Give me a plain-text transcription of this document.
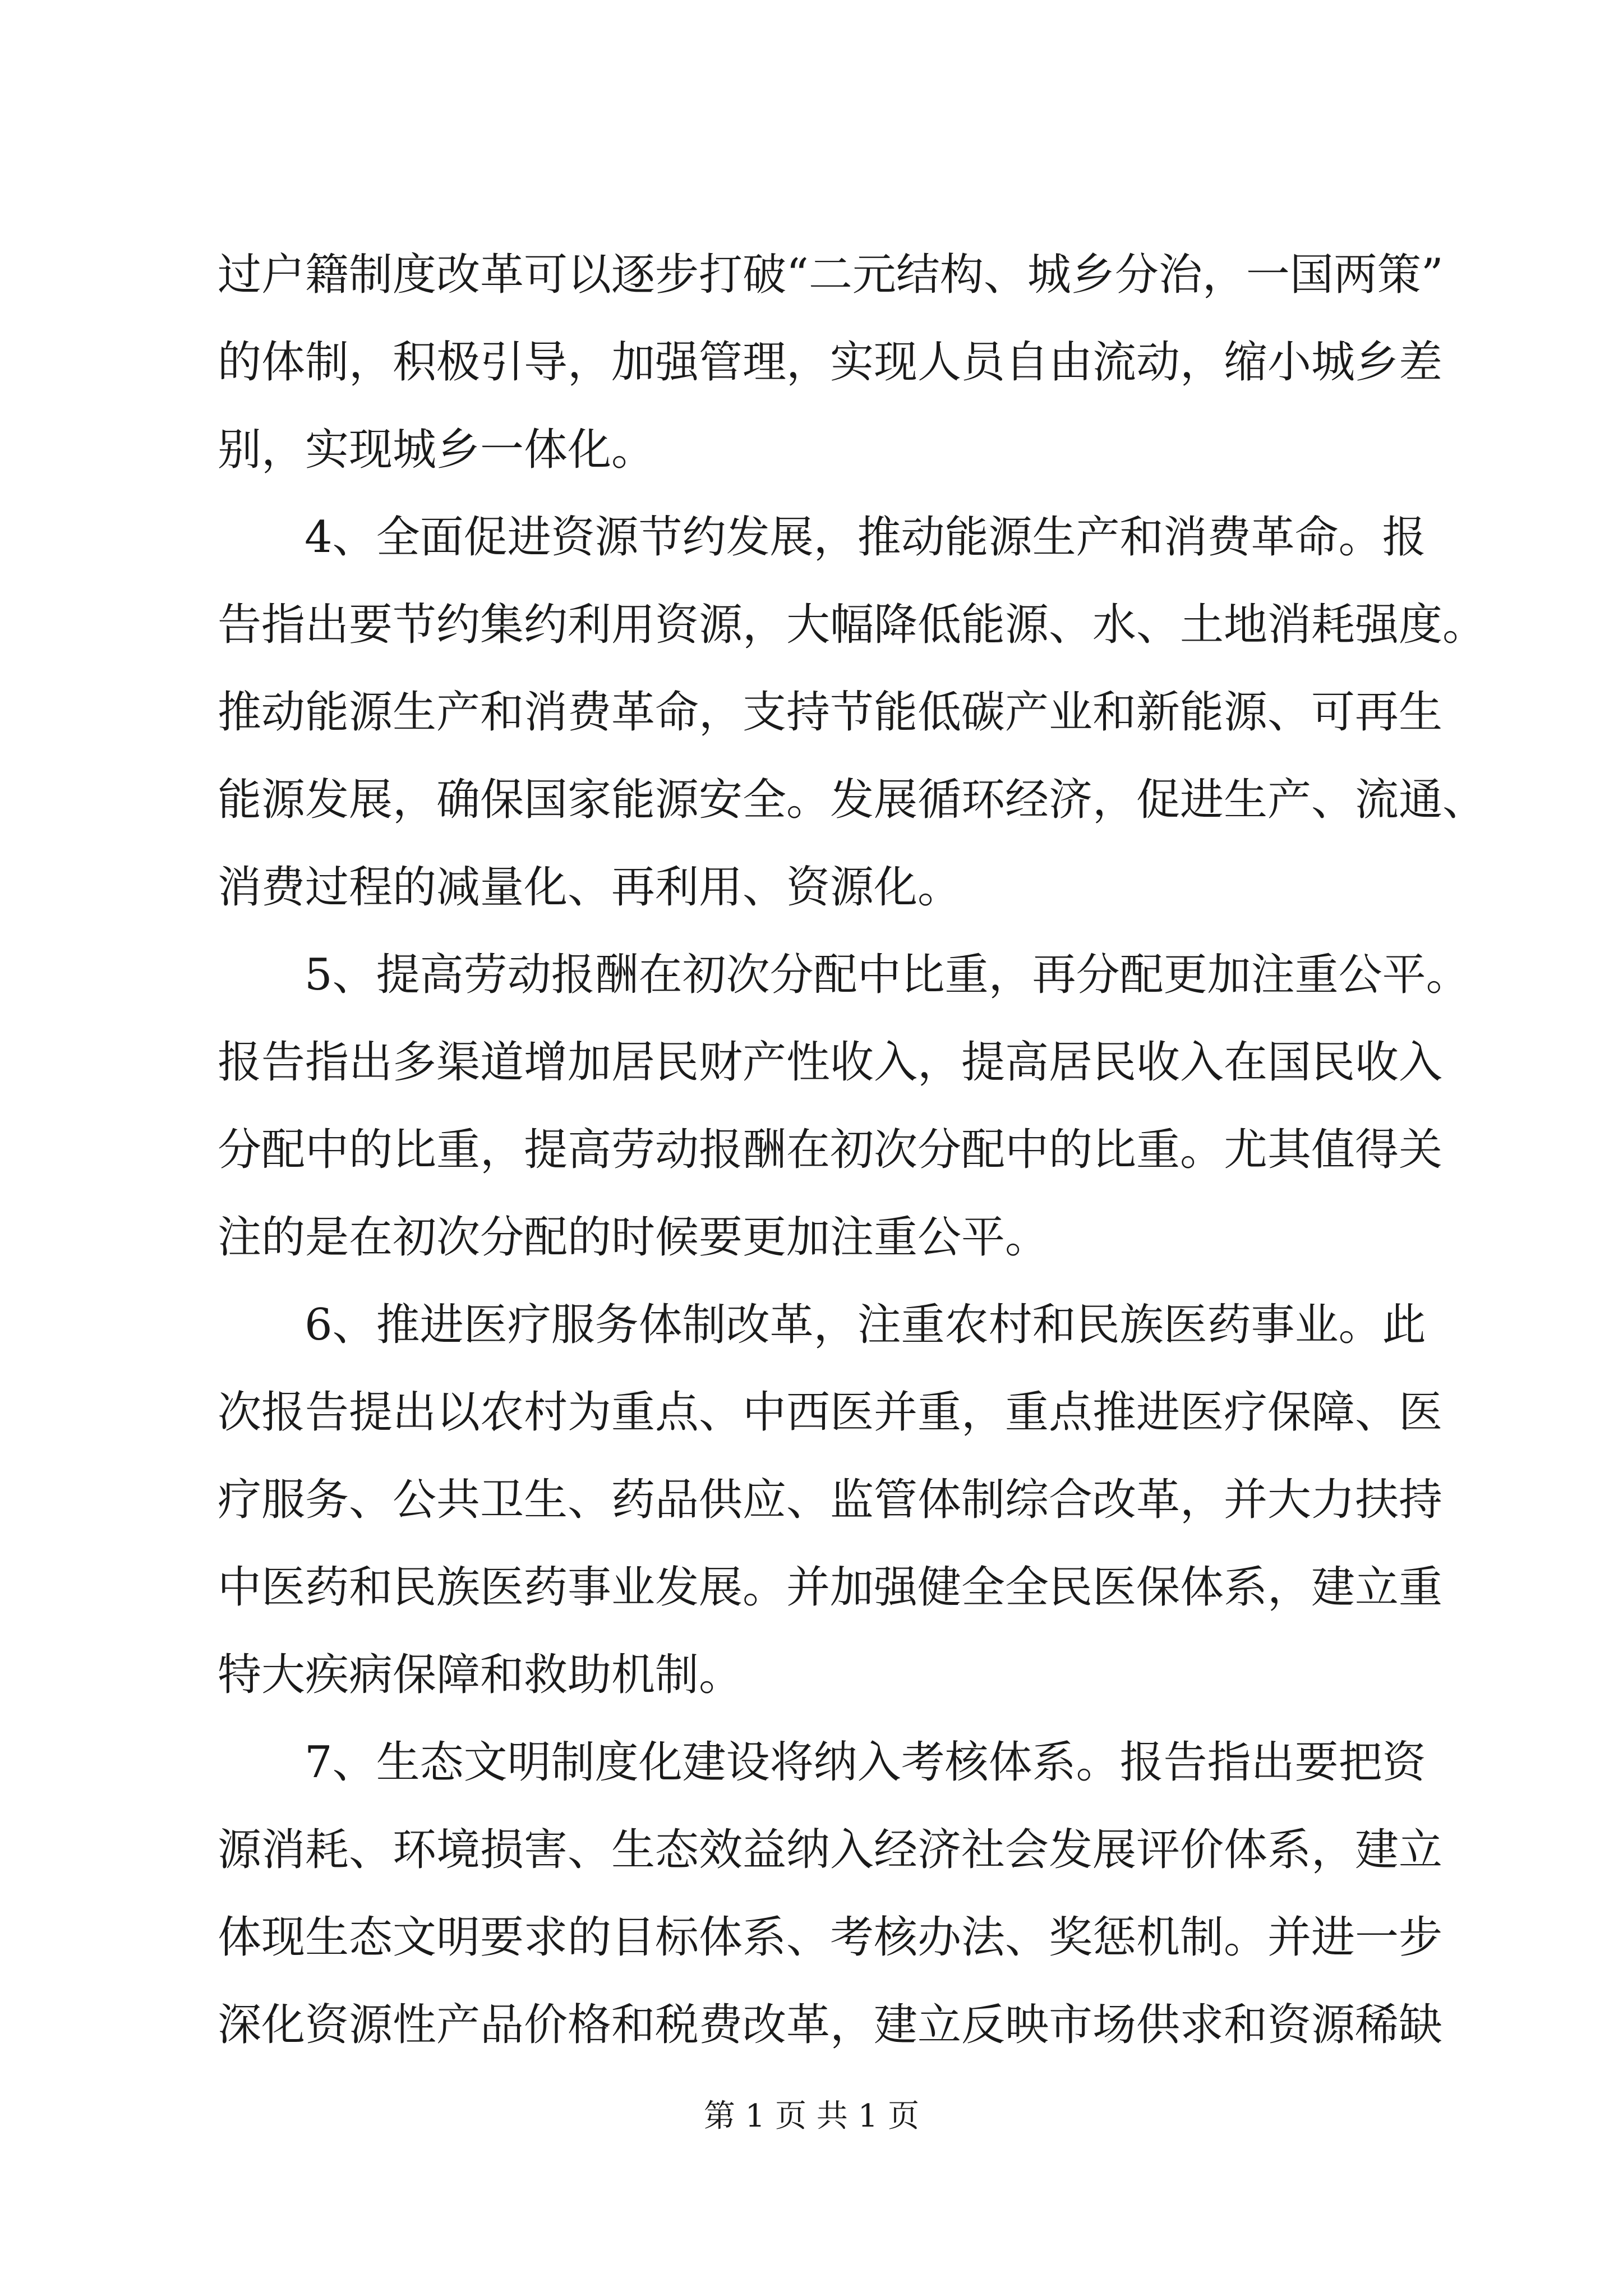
过户籍制度改革可以逐步打破“二元结构、城乡分治，一国两策”
的体制，积极引导，加强管理，实现人员自由流动，缩小城乡差
别，实现城乡一体化。
4、全面促进资源节约发展，推动能源生产和消费革命。报
告指出要节约集约利用资源，大幅降低能源、水、土地消耗强度。
推动能源生产和消费革命，支持节能低碳产业和新能源、可再生
能源发展，确保国家能源安全。发展循环经济，促进生产、流通、
消费过程的减量化、再利用、资源化。
5、提高劳动报酬在初次分配中比重，再分配更加注重公平。
报告指出多渠道增加居民财产性收入，提高居民收入在国民收入
分配中的比重，提高劳动报酬在初次分配中的比重。尤其值得关
注的是在初次分配的时候要更加注重公平。
6、推进医疗服务体制改革，注重农村和民族医药事业。此
次报告提出以农村为重点、中西医并重，重点推进医疗保障、医
疗服务、公共卫生、药品供应、监管体制综合改革，并大力扶持
中医药和民族医药事业发展。并加强健全全民医保体系，建立重
特大疾病保障和救助机制。
7、生态文明制度化建设将纳入考核体系。报告指出要把资
源消耗、环境损害、生态效益纳入经济社会发展评价体系，建立
体现生态文明要求的目标体系、考核办法、奖惩机制。并进一步
第 1 页 共 1 页
深化资源性产品价格和税费改革，建立反映市场供求和资源稀缺
